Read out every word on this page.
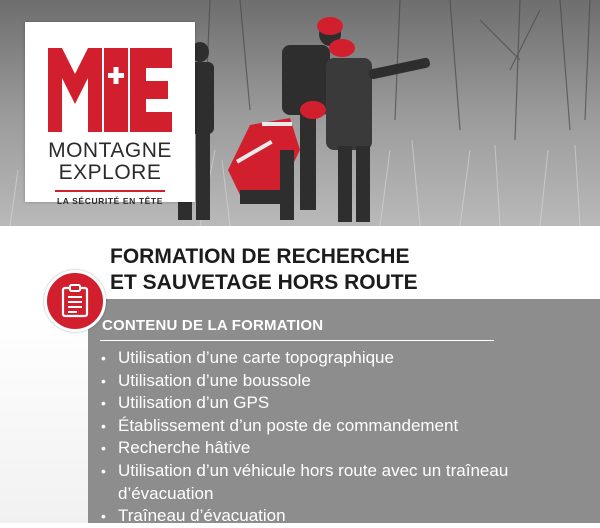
MONTAGNE
EXPLORE
LA SÉCURITÉ EN TÊTE
FORMATION DE RECHERCHE
ET SAUVETAGE HORS ROUTE
CONTENU DE LA FORMATION
• Utilisation d’une carte topographique
• Utilisation d’une boussole
• Utilisation d’un GPS
• Établissement d’un poste de commandement
• Recherche hâtive
• Utilisation d’un véhicule hors route avec un traîneau d’évacuation
• Traîneau d’évacuation
